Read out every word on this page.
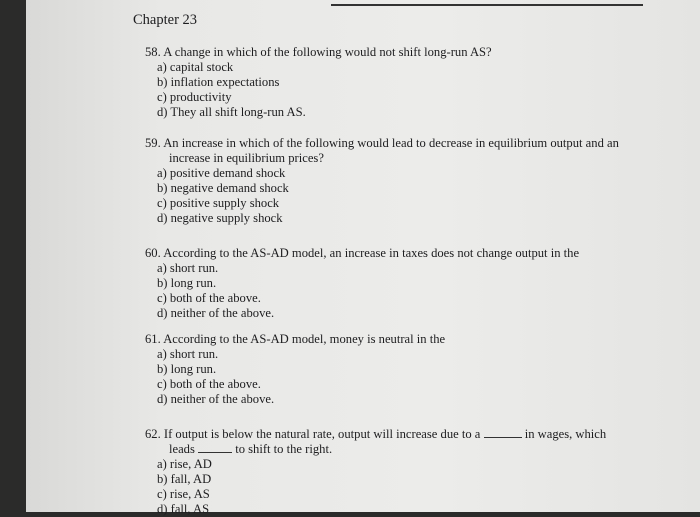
Chapter 23
58. A change in which of the following would not shift long-run AS?
a) capital stock
b) inflation expectations
c) productivity
d) They all shift long-run AS.
59. An increase in which of the following would lead to decrease in equilibrium output and an
increase in equilibrium prices?
a) positive demand shock
b) negative demand shock
c) positive supply shock
d) negative supply shock
60. According to the AS-AD model, an increase in taxes does not change output in the
a) short run.
b) long run.
c) both of the above.
d) neither of the above.
61. According to the AS-AD model, money is neutral in the
a) short run.
b) long run.
c) both of the above.
d) neither of the above.
62. If output is below the natural rate, output will increase due to a	in wages, which
leads	to shift to the right.
a) rise, AD
b) fall, AD
c) rise, AS
d) fall, AS
